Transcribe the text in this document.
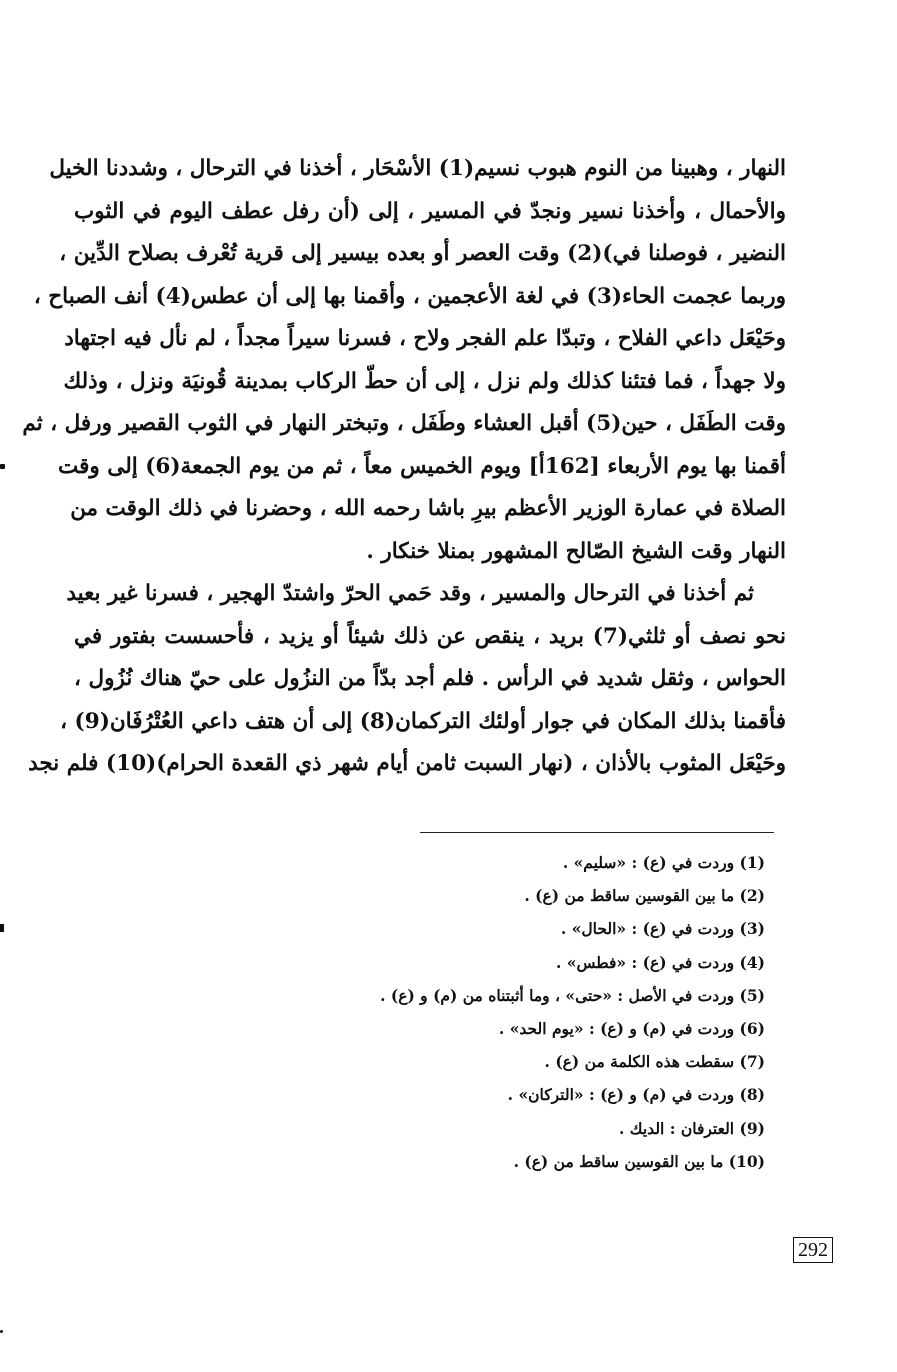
النهار ، وهبينا من النوم هبوب نسيم(1) الأسْحَار ، أخذنا في الترحال ، وشددنا الخيل
والأحمال ، وأخذنا نسير ونجدّ في المسير ، إلى (أن رفل عطف اليوم في الثوب
النضير ، فوصلنا في)(2) وقت العصر أو بعده بيسير إلى قرية تُعْرف بصلاح الدِّين ،
وربما عجمت الحاء(3) في لغة الأعجمين ، وأقمنا بها إلى أن عطس(4) أنف الصباح ،
وحَيْعَل داعي الفلاح ، وتبدّا علم الفجر ولاح ، فسرنا سيراً مجداً ، لم نأل فيه اجتهاد
ولا جهداً ، فما فتئنا كذلك ولم نزل ، إلى أن حطّ الركاب بمدينة قُونيَة ونزل ، وذلك
وقت الطَفَل ، حين(5) أقبل العشاء وطَفَل ، وتبختر النهار في الثوب القصير ورفل ، ثم
أقمنا بها يوم الأربعاء [162أ] ويوم الخميس معاً ، ثم من يوم الجمعة(6) إلى وقت
الصلاة في عمارة الوزير الأعظم بيرِ باشا رحمه الله ، وحضرنا في ذلك الوقت من
النهار وقت الشيخ الصّالح المشهور بمنلا خنكار .
ثم أخذنا في الترحال والمسير ، وقد حَمي الحرّ واشتدّ الهجير ، فسرنا غير بعيد
نحو نصف أو ثلثي(7) بريد ، ينقص عن ذلك شيئاً أو يزيد ، فأحسست بفتور في
الحواس ، وثقل شديد في الرأس . فلم أجد بدّاً من النزُول على حيّ هناك نُزُول ،
فأقمنا بذلك المكان في جوار أولئك التركمان(8) إلى أن هتف داعي العُتْرُفَان(9) ،
وحَيْعَل المثوب بالأذان ، (نهار السبت ثامن أيام شهر ذي القعدة الحرام)(10) فلم نجد
(1) وردت في (ع) : «سليم» .
(2) ما بين القوسين ساقط من (ع) .
(3) وردت في (ع) : «الحال» .
(4) وردت في (ع) : «فطس» .
(5) وردت في الأصل : «حتى» ، وما أثبتناه من (م) و (ع) .
(6) وردت في (م) و (ع) : «يوم الحد» .
(7) سقطت هذه الكلمة من (ع) .
(8) وردت في (م) و (ع) : «التركان» .
(9) العترفان : الديك .
(10) ما بين القوسين ساقط من (ع) .
292
